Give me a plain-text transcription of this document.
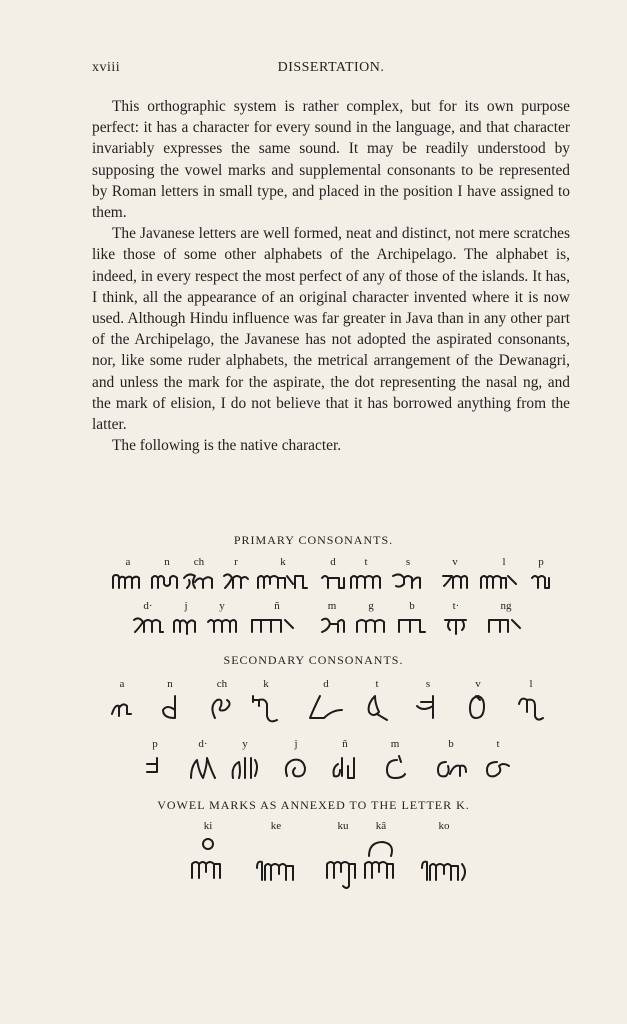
xviii	DISSERTATION.

This orthographic system is rather complex, but for its own purpose perfect: it has a character for every sound in the language, and that character invariably expresses the same sound. It may be readily understood by supposing the vowel marks and supplemental consonants to be represented by Roman letters in small type, and placed in the position I have assigned to them.

The Javanese letters are well formed, neat and distinct, not mere scratches like those of some other alphabets of the Archipelago. The alphabet is, indeed, in every respect the most perfect of any of those of the islands. It has, I think, all the appearance of an original character invented where it is now used. Although Hindu influence was far greater in Java than in any other part of the Archipelago, the Javanese has not adopted the aspirated consonants, nor, like some ruder alphabets, the metrical arrangement of the Dewanagri, and unless the mark for the aspirate, the dot representing the nasal ng, and the mark of elision, I do not believe that it has borrowed anything from the latter.

The following is the native character.

PRIMARY CONSONANTS.
a	n	ch	r	k	d	t	s	v	l	p
d·	j	y	ñ	m	g	b	t·	ng
SECONDARY CONSONANTS.
a	n	ch	k	d	t	s	v	l
p	d·	y	j	ñ	m	b	t
VOWEL MARKS AS ANNEXED TO THE LETTER K.
ki	ke	ku	kâ	ko
